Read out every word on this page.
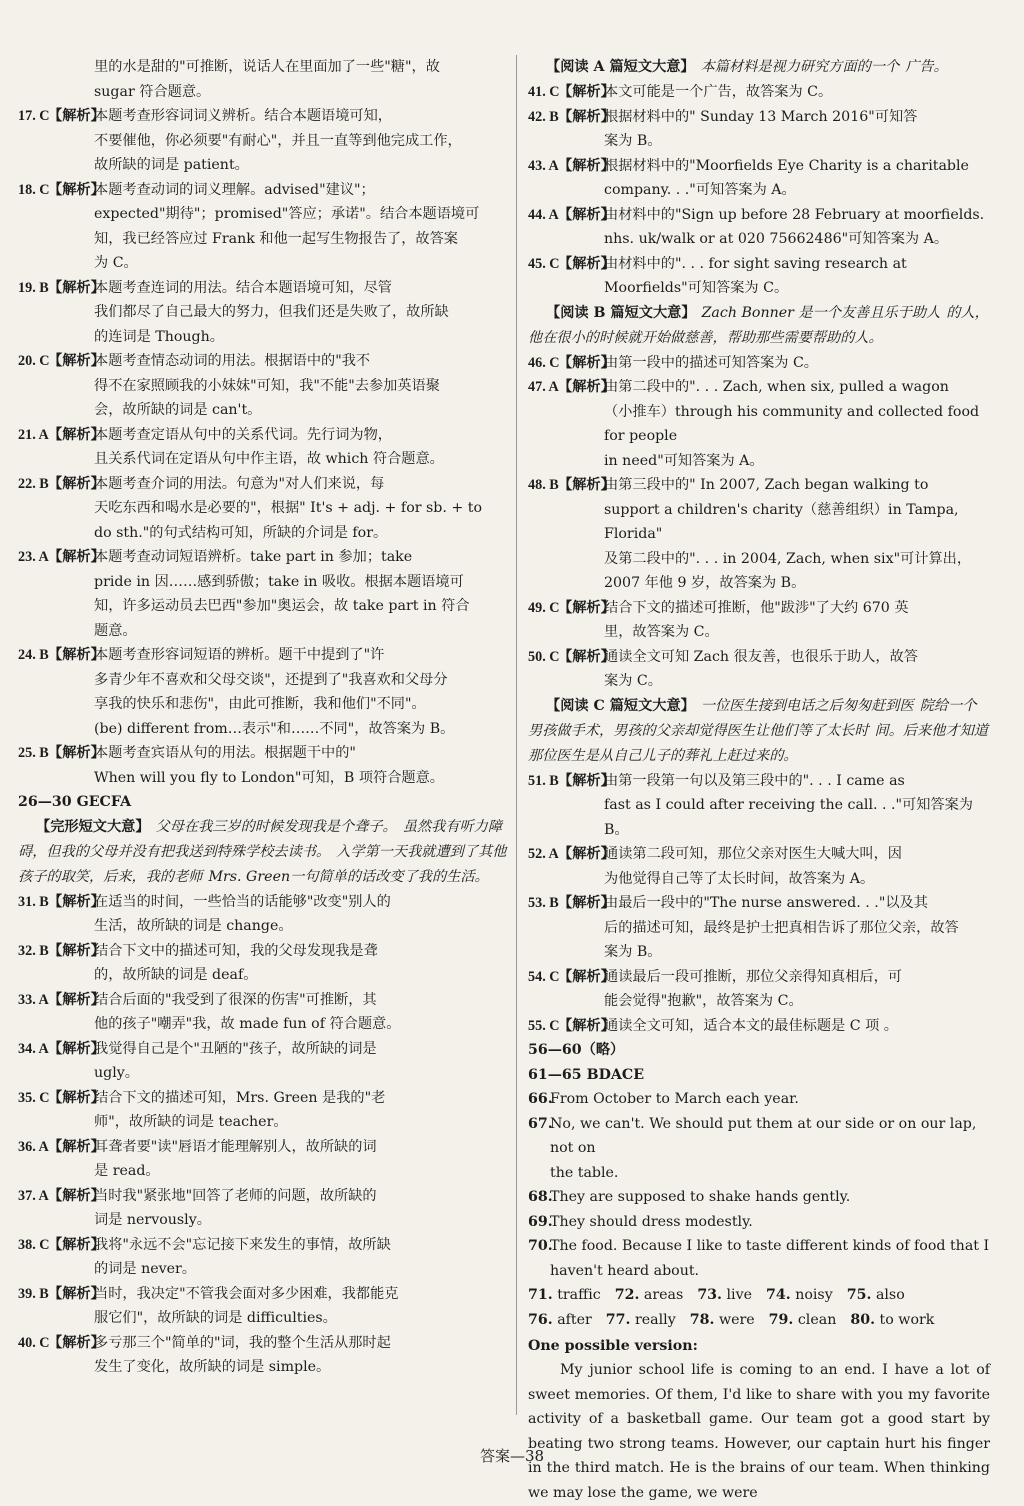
里的水是甜的"可推断，说话人在里面加了一些"糖"，故
sugar 符合题意。
本题考查形容词词义辨析。结合本题语境可知，
17. C
【解析】
不要催他，你必须要"有耐心"，并且一直等到他完成工作，
故所缺的词是 patient。
本题考查动词的词义理解。advised"建议"；
18. C
【解析】
expected"期待"；promised"答应；承诺"。结合本题语境可
知，我已经答应过 Frank 和他一起写生物报告了，故答案
为 C。
本题考查连词的用法。结合本题语境可知，尽管
19. B 【解析】
我们都尽了自己最大的努力，但我们还是失败了，故所缺
的连词是 Though。
本题考查情态动词的用法。根据语中的"我不
20. C
【解析】
得不在家照顾我的小妹妹"可知，我"不能"去参加英语聚
会，故所缺的词是 can't。
本题考查定语从句中的关系代词。先行词为物，
21. A 【解析】
且关系代词在定语从句中作主语，故 which 符合题意。
本题考查介词的用法。句意为"对人们来说，每
22. B 【解析】
天吃东西和喝水是必要的"，根据" It's + adj. + for sb. + to
do sth."的句式结构可知，所缺的介词是 for。
本题考查动词短语辨析。take part in 参加；take
23. A 【解析】
pride in 因……感到骄傲；take in 吸收。根据本题语境可
知，许多运动员去巴西"参加"奥运会，故 take part in 符合
题意。
本题考查形容词短语的辨析。题干中提到了"许
24. B 【解析】
多青少年不喜欢和父母交谈"，还提到了"我喜欢和父母分
享我的快乐和悲伤"，由此可推断，我和他们"不同"。
(be) different from…表示"和……不同"，故答案为 B。
本题考查宾语从句的用法。根据题干中的"
25. B 【解析】
When will you fly to London"可知，B 项符合题意。
26—30 GECFA
【完形短文大意】 父母在我三岁的时候发现我是个聋子。 虽然我有听力障碍，但我的父母并没有把我送到特殊学校去读书。 入学第一天我就遭到了其他孩子的取笑，后来，我的老师 Mrs. Green一句简单的话改变了我的生活。
在适当的时间，一些恰当的话能够"改变"别人的
31. B 【解析】
生活，故所缺的词是 change。
结合下文中的描述可知，我的父母发现我是聋
32. B 【解析】
的，故所缺的词是 deaf。
结合后面的"我受到了很深的伤害"可推断，其
33. A 【解析】
他的孩子"嘲弄"我，故 made fun of 符合题意。
我觉得自己是个"丑陋的"孩子，故所缺的词是
34. A 【解析】
ugly。
结合下文的描述可知，Mrs. Green 是我的"老
35. C
【解析】
师"，故所缺的词是 teacher。
耳聋者要"读"唇语才能理解别人，故所缺的词
36. A 【解析】
是 read。
当时我"紧张地"回答了老师的问题，故所缺的
37. A 【解析】
词是 nervously。
我将"永远不会"忘记接下来发生的事情，故所缺
38. C
【解析】
的词是 never。
当时，我决定"不管我会面对多少困难，我都能克
39. B 【解析】
服它们"，故所缺的词是 difficulties。
多亏那三个"简单的"词，我的整个生活从那时起
40. C
【解析】
发生了变化，故所缺的词是 simple。
【阅读 A 篇短文大意】 本篇材料是视力研究方面的一个 广告。
本文可能是一个广告，故答案为 C。
41. C
【解析】
根据材料中的" Sunday 13 March 2016"可知答
42. B 【解析】
案为 B。
根据材料中的"Moorfields Eye Charity is a charitable
43. A 【解析】
company. . ."可知答案为 A。
由材料中的"Sign up before 28 February at moorfields.
44. A 【解析】
nhs. uk/walk or at 020 75662486"可知答案为 A。
由材料中的". . . for sight saving research at
45. C
【解析】
Moorfields"可知答案为 C。
【阅读 B 篇短文大意】 Zach Bonner 是一个友善且乐于助人 的人，他在很小的时候就开始做慈善，帮助那些需要帮助的人。
由第一段中的描述可知答案为 C。
46. C
【解析】
由第二段中的". . . Zach, when six, pulled a wagon
47. A 【解析】
（小推车）through his community and collected food for people
in need"可知答案为 A。
由第三段中的" In 2007, Zach began walking to
48. B 【解析】
support a children's charity（慈善组织）in Tampa, Florida"
及第二段中的". . . in 2004, Zach, when six"可计算出，
2007 年他 9 岁，故答案为 B。
结合下文的描述可推断，他"跋涉"了大约 670 英
49. C
【解析】
里，故答案为 C。
通读全文可知 Zach 很友善，也很乐于助人，故答
50. C
【解析】
案为 C。
【阅读 C 篇短文大意】 一位医生接到电话之后匆匆赶到医 院给一个男孩做手术，男孩的父亲却觉得医生让他们等了太长时 间。后来他才知道那位医生是从自己儿子的葬礼上赶过来的。
由第一段第一句以及第三段中的". . . I came as
51. B 【解析】
fast as I could after receiving the call. . ."可知答案为 B。
通读第二段可知，那位父亲对医生大喊大叫，因
52. A 【解析】
为他觉得自己等了太长时间，故答案为 A。
由最后一段中的"The nurse answered. . ."以及其
53. B 【解析】
后的描述可知，最终是护士把真相告诉了那位父亲，故答
案为 B。
通读最后一段可推断，那位父亲得知真相后，可
54. C
【解析】
能会觉得"抱歉"，故答案为 C。
通读全文可知，适合本文的最佳标题是 C 项 。
55. C
【解析】
56—60（略）
61—65 BDACE
66.
From October to March each year.
67.
No, we can't. We should put them at our side or on our lap, not on
the table.
68.
They are supposed to shake hands gently.
69.
They should dress modestly.
70.
The food. Because I like to taste different kinds of food that I
haven't heard about.
71. traffic 72. areas 73. live 74. noisy 75. also
76. after 77. really 78. were 79. clean 80. to work
One possible version:
My junior school life is coming to an end. I have a lot of sweet memories. Of them, I'd like to share with you my favorite activity of a basketball game. Our team got a good start by beating two strong teams. However, our captain hurt his finger in the third match. He is the brains of our team. When thinking we may lose the game, we were
答案—38
